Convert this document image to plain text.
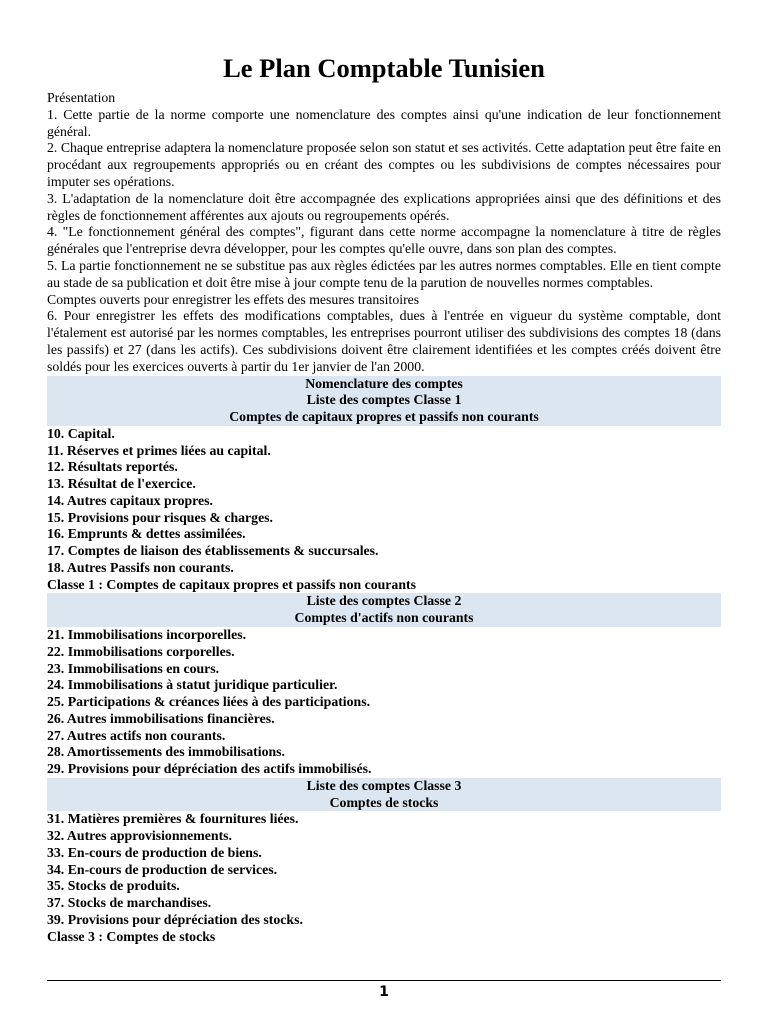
Le Plan Comptable Tunisien

Présentation

1. Cette partie de la norme comporte une nomenclature des comptes ainsi qu'une indication de leur fonctionnement général.

2. Chaque entreprise adaptera la nomenclature proposée selon son statut et ses activités. Cette adaptation peut être faite en procédant aux regroupements appropriés ou en créant des comptes ou les subdivisions de comptes nécessaires pour imputer ses opérations.

3. L'adaptation de la nomenclature doit être accompagnée des explications appropriées ainsi que des définitions et des règles de fonctionnement afférentes aux ajouts ou regroupements opérés.

4. "Le fonctionnement général des comptes", figurant dans cette norme accompagne la nomenclature à titre de règles générales que l'entreprise devra développer, pour les comptes qu'elle ouvre, dans son plan des comptes.

5. La partie fonctionnement ne se substitue pas aux règles édictées par les autres normes comptables. Elle en tient compte au stade de sa publication et doit être mise à jour compte tenu de la parution de nouvelles normes comptables.

Comptes ouverts pour enregistrer les effets des mesures transitoires

6. Pour enregistrer les effets des modifications comptables, dues à l'entrée en vigueur du système comptable, dont l'étalement est autorisé par les normes comptables, les entreprises pourront utiliser des subdivisions des comptes 18 (dans les passifs) et 27 (dans les actifs). Ces subdivisions doivent être clairement identifiées et les comptes créés doivent être soldés pour les exercices ouverts à partir du 1er janvier de l'an 2000.

Nomenclature des comptes
Liste des comptes Classe 1
Comptes de capitaux propres et passifs non courants
10. Capital.
11. Réserves et primes liées au capital.
12. Résultats reportés.
13. Résultat de l'exercice.
14. Autres capitaux propres.
15. Provisions pour risques & charges.
16. Emprunts & dettes assimilées.
17. Comptes de liaison des établissements & succursales.
18. Autres Passifs non courants.
Classe 1 : Comptes de capitaux propres et passifs non courants
Liste des comptes Classe 2
Comptes d'actifs non courants
21. Immobilisations incorporelles.
22. Immobilisations corporelles.
23. Immobilisations en cours.
24. Immobilisations à statut juridique particulier.
25. Participations & créances liées à des participations.
26. Autres immobilisations financières.
27. Autres actifs non courants.
28. Amortissements des immobilisations.
29. Provisions pour dépréciation des actifs immobilisés.
Liste des comptes Classe 3
Comptes de stocks
31. Matières premières & fournitures liées.
32. Autres approvisionnements.
33. En-cours de production de biens.
34. En-cours de production de services.
35. Stocks de produits.
37. Stocks de marchandises.
39. Provisions pour dépréciation des stocks.
Classe 3 : Comptes de stocks
1
